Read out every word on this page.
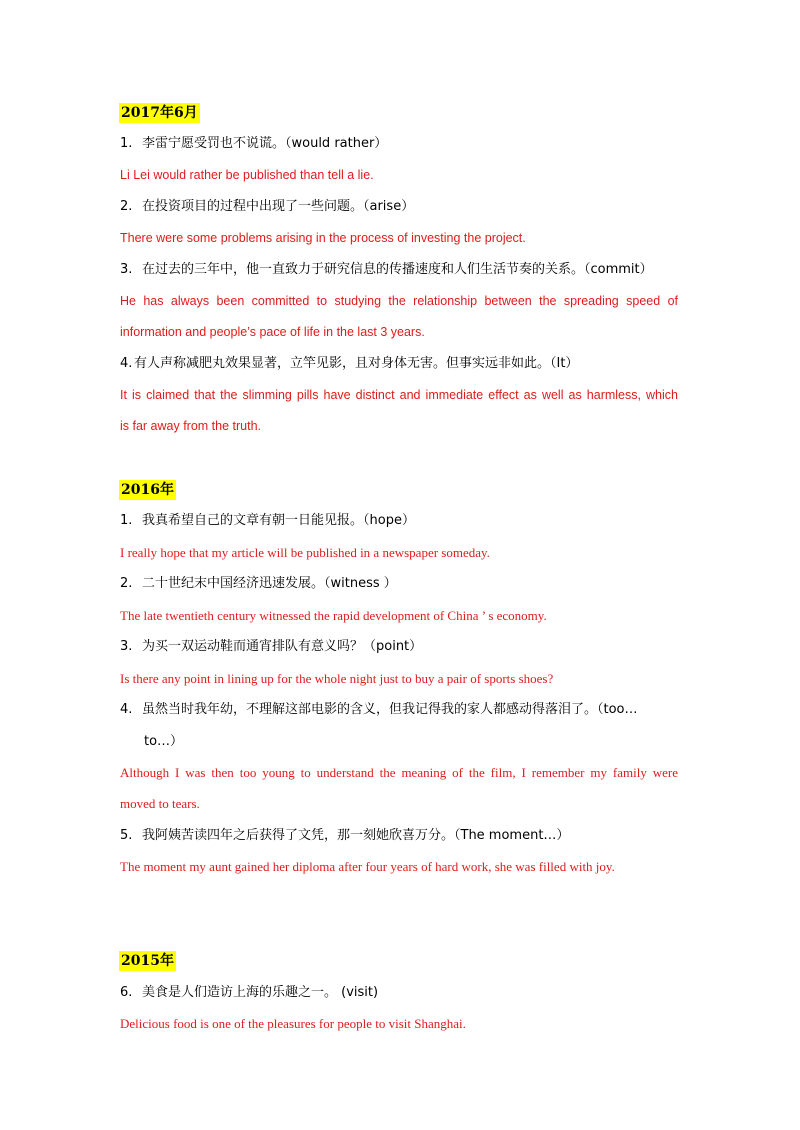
2017年6月
1. 李雷宁愿受罚也不说谎。（would rather）
Li Lei would rather be published than tell a lie.
2. 在投资项目的过程中出现了一些问题。（arise）
There were some problems arising in the process of investing the project.
3. 在过去的三年中，他一直致力于研究信息的传播速度和人们生活节奏的关系。（commit）
He has always been committed to studying the relationship between the spreading speed of
information and people’s pace of life in the last 3 years.
4. 有人声称减肥丸效果显著，立竿见影，且对身体无害。但事实远非如此。（It）
It is claimed that the slimming pills have distinct and immediate effect as well as harmless, which
is far away from the truth.
2016年
1. 我真希望自己的文章有朝一日能见报。（hope）
I really hope that my article will be published in a newspaper someday.
2. 二十世纪末中国经济迅速发展。（witness ）
The late twentieth century witnessed the rapid development of China ’ s economy.
3. 为买一双运动鞋而通宵排队有意义吗？（point）
Is there any point in lining up for the whole night just to buy a pair of sports shoes?
4. 虽然当时我年幼，不理解这部电影的含义，但我记得我的家人都感动得落泪了。（too…
to…）
Although I was then too young to understand the meaning of the film, I remember my family were
moved to tears.
5. 我阿姨苦读四年之后获得了文凭，那一刻她欣喜万分。（The moment…）
The moment my aunt gained her diploma after four years of hard work, she was filled with joy.
2015年
6. 美食是人们造访上海的乐趣之一。 (visit)
Delicious food is one of the pleasures for people to visit Shanghai.
